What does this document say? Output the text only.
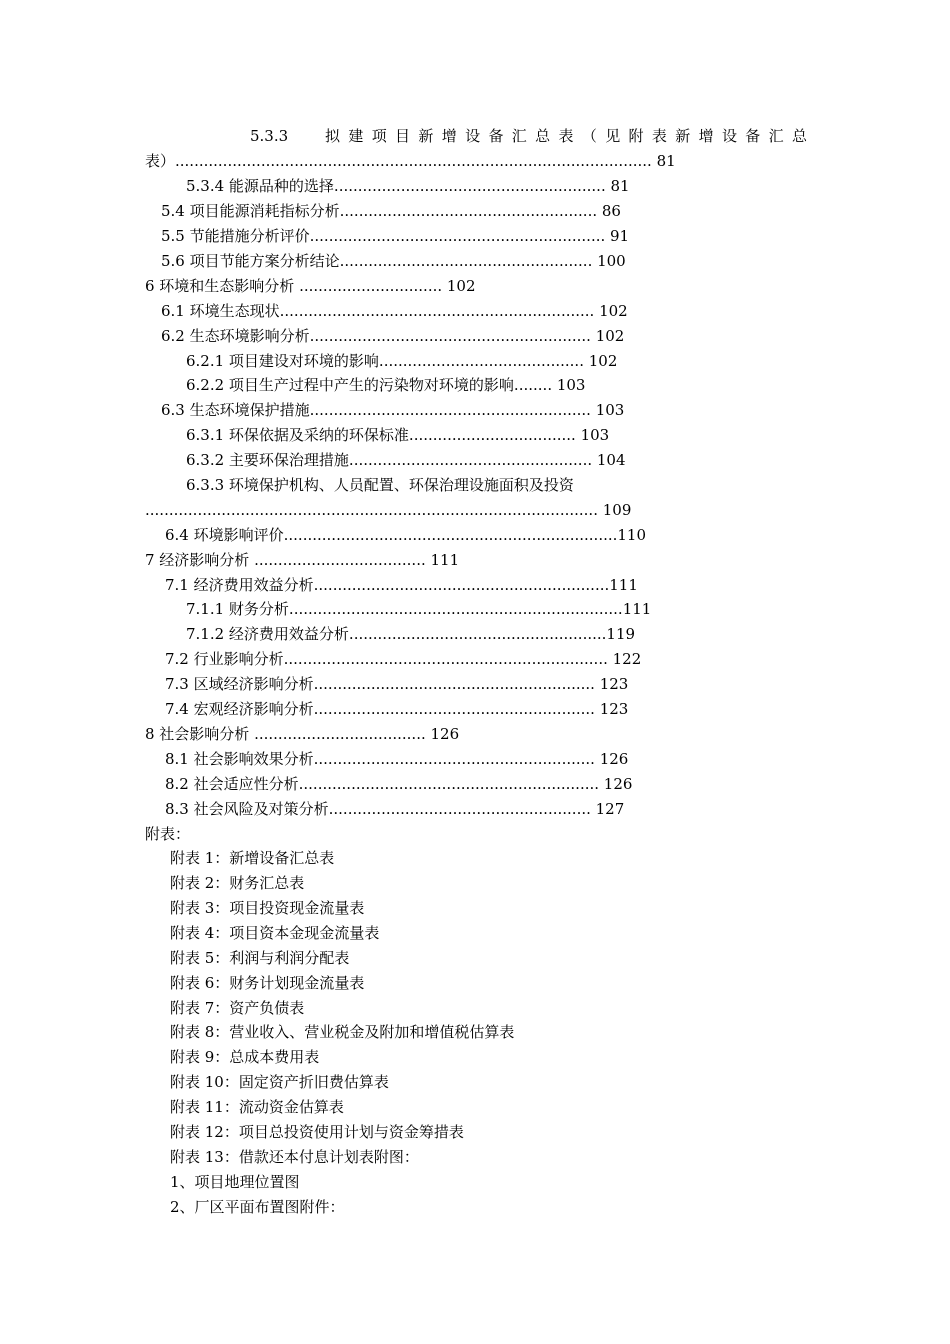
5.3.3 拟 建 项 目 新 增 设 备 汇 总 表 （ 见 附 表 新 增 设 备 汇 总
表）.................................................................................................... 81
5.3.4 能源品种的选择......................................................... 81
5.4 项目能源消耗指标分析...................................................... 86
5.5 节能措施分析评价.............................................................. 91
5.6 项目节能方案分析结论..................................................... 100
6 环境和生态影响分析 .............................. 102
6.1 环境生态现状.................................................................. 102
6.2 生态环境影响分析........................................................... 102
6.2.1 项目建设对环境的影响........................................... 102
6.2.2 项目生产过程中产生的污染物对环境的影响........ 103
6.3 生态环境保护措施........................................................... 103
6.3.1 环保依据及采纳的环保标准................................... 103
6.3.2 主要环保治理措施................................................... 104
6.3.3 环境保护机构、人员配置、环保治理设施面积及投资
............................................................................................... 109
6.4 环境影响评价......................................................................110
7 经济影响分析 .................................... 111
7.1 经济费用效益分析..............................................................111
7.1.1 财务分析......................................................................111
7.1.2 经济费用效益分析......................................................119
7.2 行业影响分析.................................................................... 122
7.3 区域经济影响分析........................................................... 123
7.4 宏观经济影响分析........................................................... 123
8 社会影响分析 .................................... 126
8.1 社会影响效果分析........................................................... 126
8.2 社会适应性分析............................................................... 126
8.3 社会风险及对策分析....................................................... 127
附表：
附表 1：新增设备汇总表
附表 2：财务汇总表
附表 3：项目投资现金流量表
附表 4：项目资本金现金流量表
附表 5：利润与利润分配表
附表 6：财务计划现金流量表
附表 7：资产负债表
附表 8：营业收入、营业税金及附加和增值税估算表
附表 9：总成本费用表
附表 10：固定资产折旧费估算表
附表 11：流动资金估算表
附表 12：项目总投资使用计划与资金筹措表
附表 13：借款还本付息计划表附图：
1、项目地理位置图
2、厂区平面布置图附件：
